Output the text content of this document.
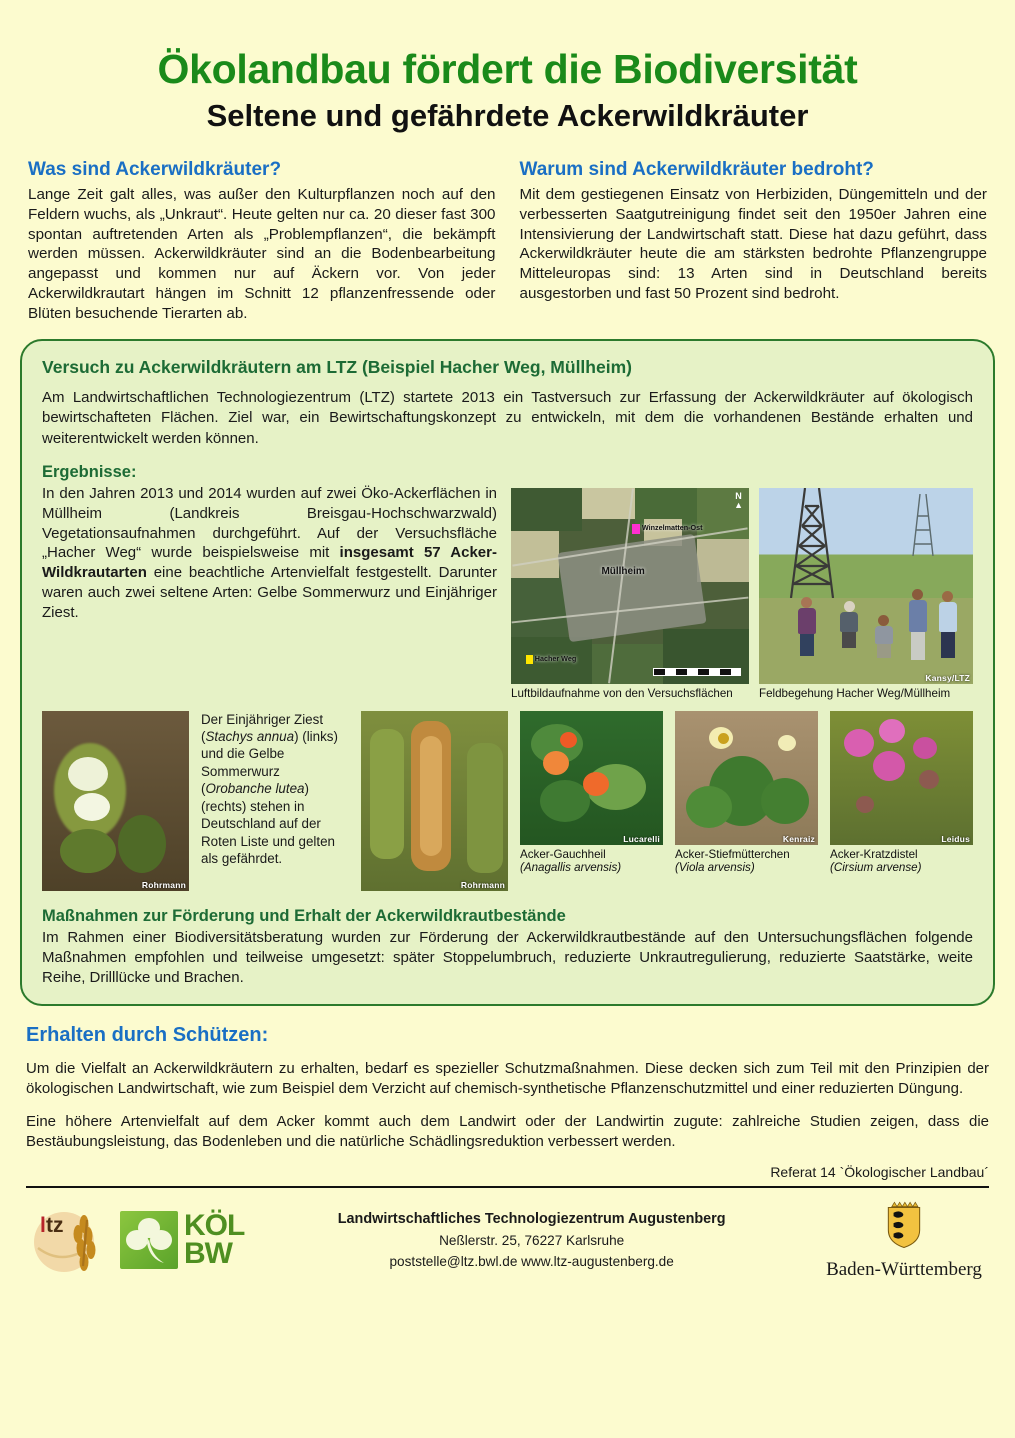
Ökolandbau fördert die Biodiversität
Seltene und gefährdete Ackerwildkräuter

Was sind Ackerwildkräuter?

Lange Zeit galt alles, was außer den Kulturpflanzen noch auf den Feldern wuchs, als „Unkraut“. Heute gelten nur ca. 20 dieser fast 300 spontan auftretenden Arten als „Problempflanzen“, die bekämpft werden müssen. Ackerwildkräuter sind an die Bodenbearbeitung angepasst und kommen nur auf Äckern vor. Von jeder Ackerwildkrautart hängen im Schnitt 12 pflanzenfressende oder Blüten besuchende Tierarten ab.

Warum sind Ackerwildkräuter bedroht?

Mit dem gestiegenen Einsatz von Herbiziden, Düngemitteln und der verbesserten Saatgutreinigung findet seit den 1950er Jahren eine Intensivierung der Landwirtschaft statt. Diese hat dazu geführt, dass Ackerwildkräuter heute die am stärksten bedrohte Pflanzengruppe Mitteleuropas sind: 13 Arten sind in Deutschland bereits ausgestorben und fast 50 Prozent sind bedroht.

Versuch zu Ackerwildkräutern am LTZ (Beispiel Hacher Weg, Müllheim)

Am Landwirtschaftlichen Technologiezentrum (LTZ) startete 2013 ein Tastversuch zur Erfassung der Ackerwildkräuter auf ökologisch bewirtschafteten Flächen. Ziel war, ein Bewirtschaftungskonzept zu entwickeln, mit dem die vorhandenen Bestände erhalten und weiterentwickelt werden können.

Ergebnisse:

In den Jahren 2013 und 2014 wurden auf zwei Öko-Ackerflächen in Müllheim (Landkreis Breisgau-Hochschwarzwald) Vegetationsaufnahmen durchgeführt. Auf der Versuchsfläche „Hacher Weg“ wurde beispielsweise mit insgesamt 57 Acker-Wildkrautarten eine beachtliche Artenvielfalt festgestellt. Darunter waren auch zwei seltene Arten: Gelbe Sommerwurz und Einjähriger Ziest.
Winzelmatten-Ost
Hacher Weg
Müllheim
N
▲
Luftbildaufnahme von den Versuchsflächen
Kansy/LTZ
Feldbegehung Hacher Weg/Müllheim
Rohrmann
Der Einjähriger Ziest (Stachys annua) (links) und die Gelbe Sommerwurz (Orobanche lutea) (rechts) stehen in Deutschland auf der Roten Liste und gelten als gefährdet.
Rohrmann
Lucarelli
Acker-Gauchheil
(Anagallis arvensis)
Kenraiz
Acker-Stiefmütterchen
(Viola arvensis)
Leidus
Acker-Kratzdistel
(Cirsium arvense)

Maßnahmen zur Förderung und Erhalt der Ackerwildkrautbestände

Im Rahmen einer Biodiversitätsberatung wurden zur Förderung der Ackerwildkrautbestände auf den Untersuchungsflächen folgende Maßnahmen empfohlen und teilweise umgesetzt: später Stoppelumbruch, reduzierte Unkrautregulierung, reduzierte Saatstärke, weite Reihe, Drilllücke und Brachen.

Erhalten durch Schützen:

Um die Vielfalt an Ackerwildkräutern zu erhalten, bedarf es spezieller Schutzmaßnahmen. Diese decken sich zum Teil mit den Prinzipien der ökologischen Landwirtschaft, wie zum Beispiel dem Verzicht auf chemisch-synthetische Pflanzenschutzmittel und einer reduzierten Düngung.

Eine höhere Artenvielfalt auf dem Acker kommt auch dem Landwirt oder der Landwirtin zugute: zahlreiche Studien zeigen, dass die Bestäubungsleistung, das Bodenleben und die natürliche Schädlingsreduktion verbessert werden.

Referat 14 `Ökologischer Landbau´
l tz	KÖL
BW
Landwirtschaftliches Technologiezentrum Augustenberg
Neßlerstr. 25, 76227 Karlsruhe
poststelle@ltz.bwl.de www.ltz-augustenberg.de	Baden-Württemberg
